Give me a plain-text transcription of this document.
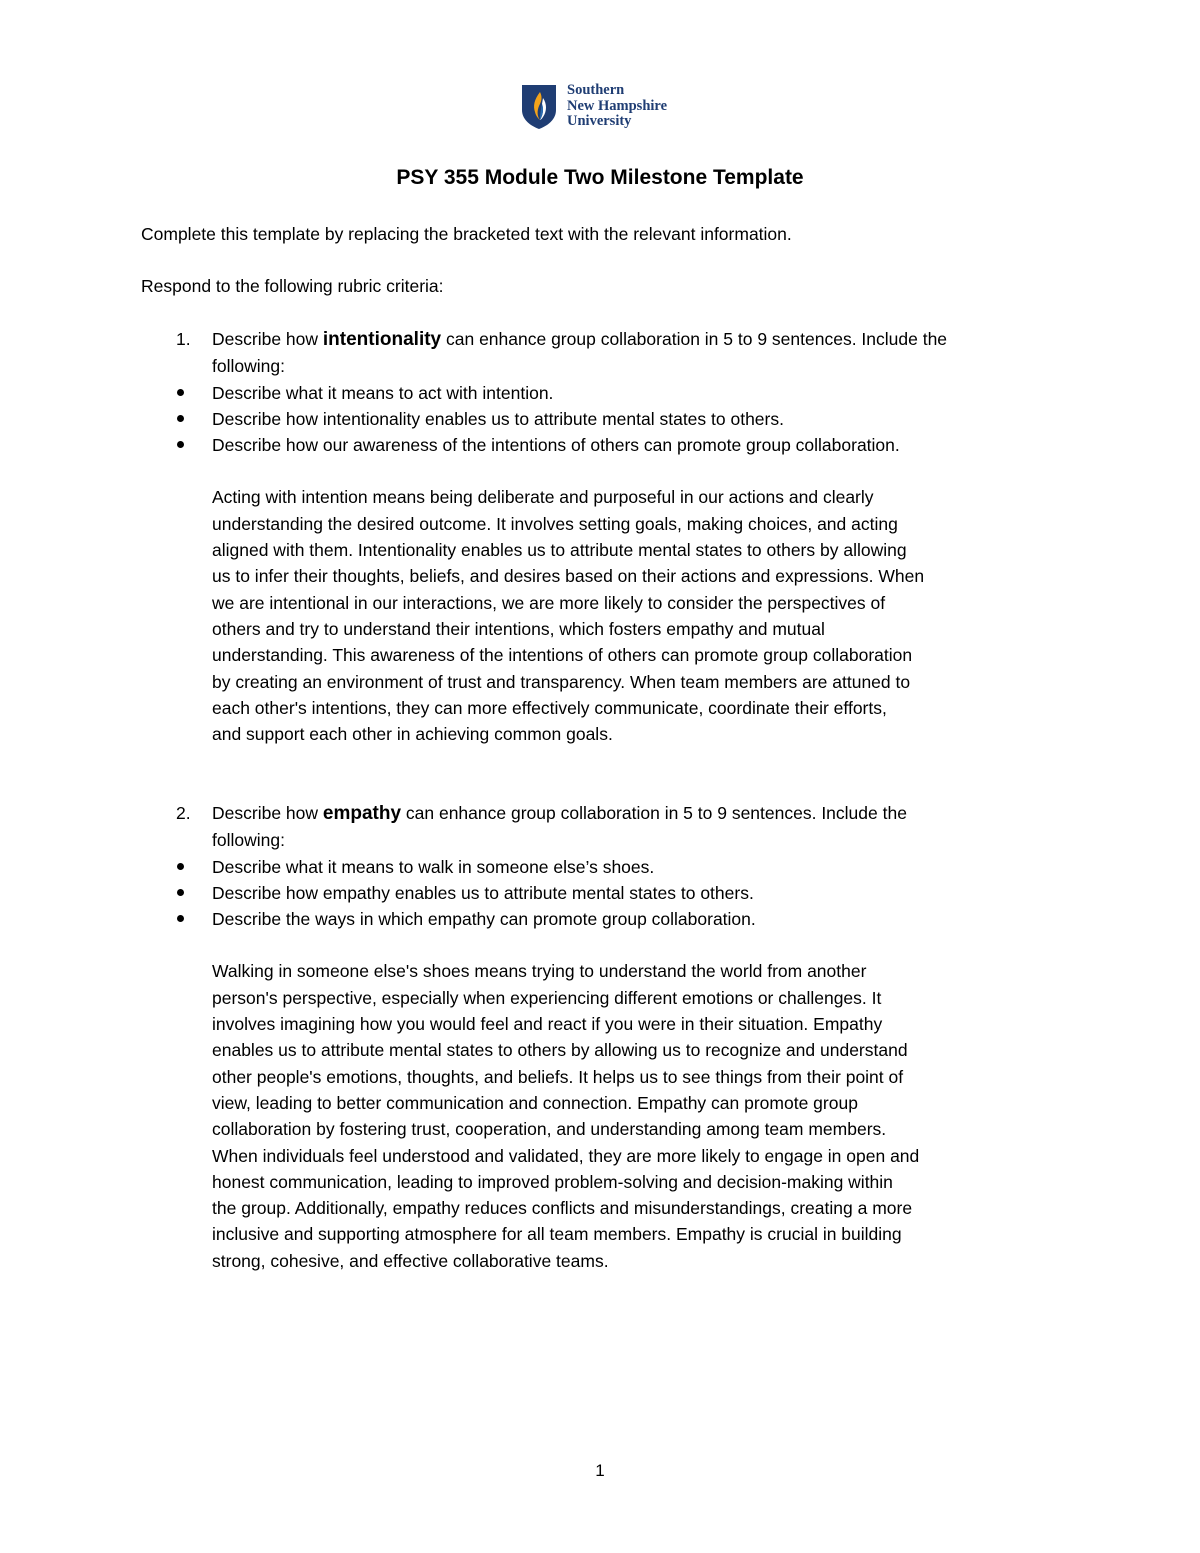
Southern
New Hampshire
University
PSY 355 Module Two Milestone Template

Complete this template by replacing the bracketed text with the relevant information.

Respond to the following rubric criteria:

1. Describe how intentionality can enhance group collaboration in 5 to 9 sentences. Include the
following:
Describe what it means to act with intention.
Describe how intentionality enables us to attribute mental states to others.
Describe how our awareness of the intentions of others can promote group collaboration.
Acting with intention means being deliberate and purposeful in our actions and clearly
understanding the desired outcome. It involves setting goals, making choices, and acting
aligned with them. Intentionality enables us to attribute mental states to others by allowing
us to infer their thoughts, beliefs, and desires based on their actions and expressions. When
we are intentional in our interactions, we are more likely to consider the perspectives of
others and try to understand their intentions, which fosters empathy and mutual
understanding. This awareness of the intentions of others can promote group collaboration
by creating an environment of trust and transparency. When team members are attuned to
each other's intentions, they can more effectively communicate, coordinate their efforts,
and support each other in achieving common goals.
2. Describe how empathy can enhance group collaboration in 5 to 9 sentences. Include the
following:
Describe what it means to walk in someone else’s shoes.
Describe how empathy enables us to attribute mental states to others.
Describe the ways in which empathy can promote group collaboration.
Walking in someone else's shoes means trying to understand the world from another
person's perspective, especially when experiencing different emotions or challenges. It
involves imagining how you would feel and react if you were in their situation. Empathy
enables us to attribute mental states to others by allowing us to recognize and understand
other people's emotions, thoughts, and beliefs. It helps us to see things from their point of
view, leading to better communication and connection. Empathy can promote group
collaboration by fostering trust, cooperation, and understanding among team members.
When individuals feel understood and validated, they are more likely to engage in open and
honest communication, leading to improved problem-solving and decision-making within
the group. Additionally, empathy reduces conflicts and misunderstandings, creating a more
inclusive and supporting atmosphere for all team members. Empathy is crucial in building
strong, cohesive, and effective collaborative teams.
1
